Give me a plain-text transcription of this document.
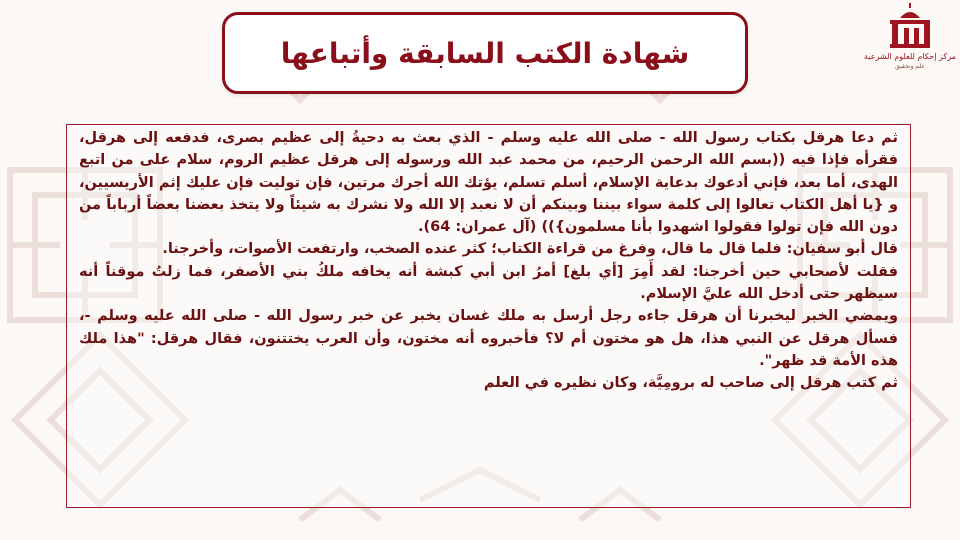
مركز إحكام للعلوم الشرعية
علم وتحقيق
شهادة الكتب السابقة وأتباعها

ثم دعا هرقل بكتاب رسول الله - صلى الله عليه وسلم - الذي بعث به دحيةُ إلى عظيم بصرى، فدفعه إلى هرقل، فقرأه فإذا فيه ((بسم الله الرحمن الرحيم، من محمد عبد الله ورسوله إلى هرقل عظيم الروم، سلام على من اتبع الهدى، أما بعد، فإني أدعوك بدعاية الإسلام، أسلم تسلم، يؤتك الله أجرك مرتين، فإن توليت فإن عليك إثم الأريسيين، و {يا أهل الكتاب تعالوا إلى كلمة سواء بيننا وبينكم أن لا نعبد إلا الله ولا نشرك به شيئاً ولا يتخذ بعضنا بعضاً أرباباً من دون الله فإن تولوا فقولوا اشهدوا بأنا مسلمون})) (آل عمران: 64).

قال أبو سفيان: فلما قال ما قال، وفرغ من قراءة الكتاب؛ كثر عنده الصخب، وارتفعت الأصوات، وأخرجنا.

فقلت لأصحابي حين أخرجنا: لقد أَمِرَ [أي بلغ] أمرُ ابن أبي كبشة أنه يخافه ملكُ بني الأصفر، فما زلتُ موقناً أنه سيظهر حتى أدخل الله عليَّ الإسلام.

ويمضي الخبر ليخبرنا أن هرقل جاءه رجل أرسل به ملك غسان يخبر عن خبر رسول الله - صلى الله عليه وسلم -، فسأل هرقل عن النبي هذا، هل هو مختون أم لا؟ فأخبروه أنه مختون، وأن العرب يختتنون، فقال هرقل: "هذا ملك هذه الأمة قد ظهر".

ثم كتب هرقل إلى صاحب له برومِيَّة، وكان نظيره في العلم
